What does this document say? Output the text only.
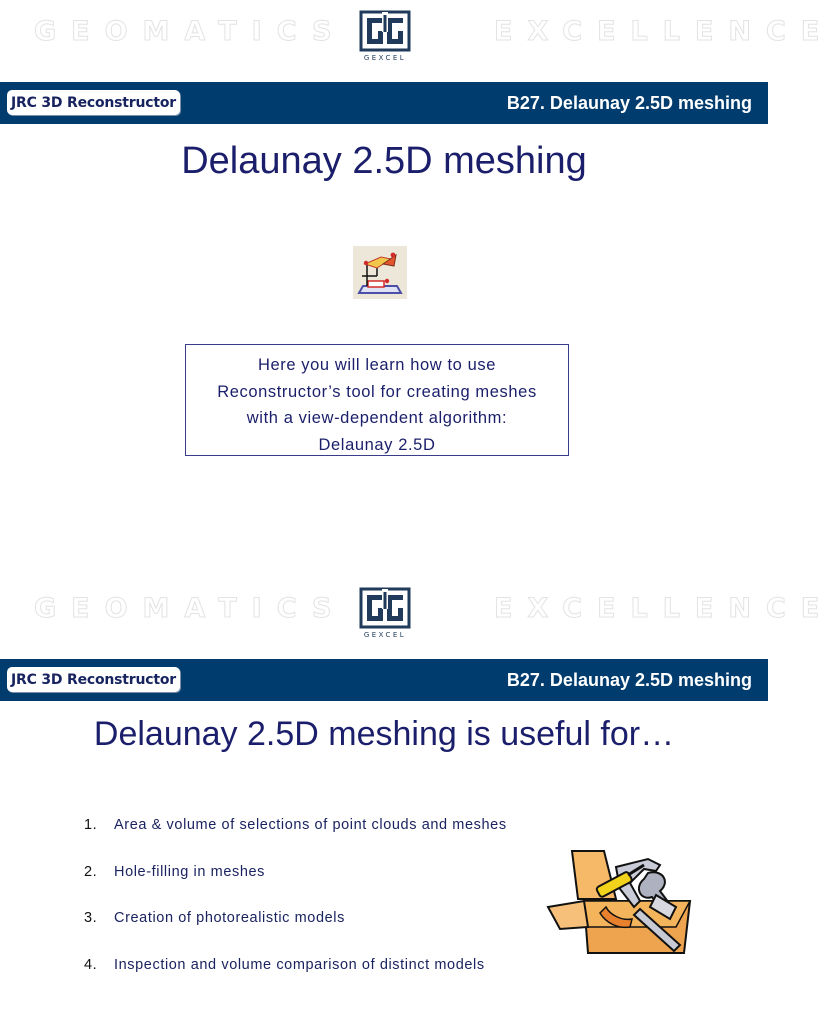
GEOMATICS	EXCELLENCE
GEXCEL
JRC 3D Reconstructor	B27. Delaunay 2.5D meshing
Delaunay 2.5D meshing
Here you will learn how to use
Reconstructor’s tool for creating meshes
with a view-dependent algorithm:
Delaunay 2.5D
GEOMATICS	EXCELLENCE
GEXCEL
JRC 3D Reconstructor	B27. Delaunay 2.5D meshing
Delaunay 2.5D meshing is useful for…
1. Area & volume of selections of point clouds and meshes
2. Hole-filling in meshes
3. Creation of photorealistic models
4. Inspection and volume comparison of distinct models
